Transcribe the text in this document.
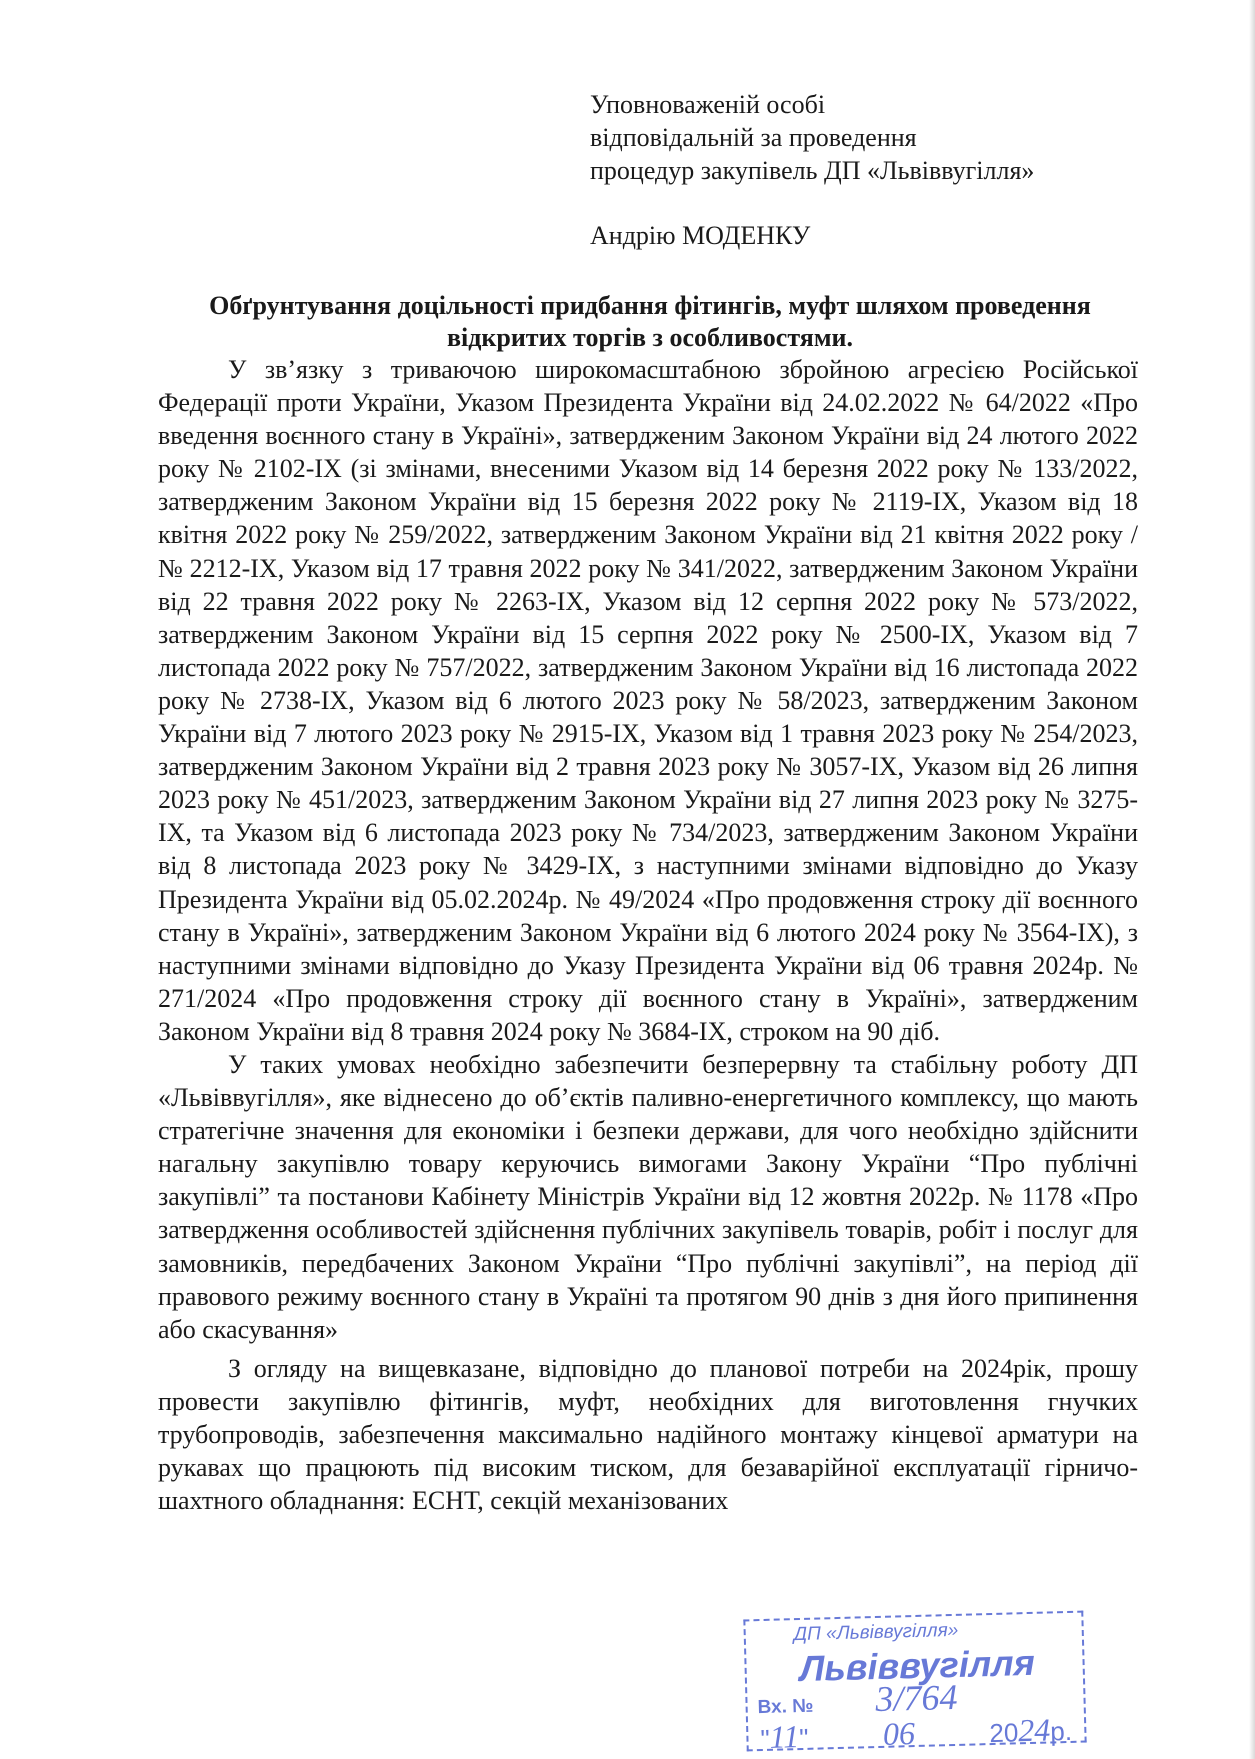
Уповноваженій особі
відповідальній за проведення
процедур закупівель ДП «Львіввугілля»
Андрію МОДЕНКУ
Обґрунтування доцільності придбання фітингів, муфт шляхом проведення відкритих торгів з особливостями.

У зв’язку з триваючою широкомасштабною збройною агресією Російської Федерації проти України, Указом Президента України від 24.02.2022 № 64/2022 «Про введення воєнного стану в Україні», затвердженим Законом України від 24 лютого 2022 року № 2102-IX (зі змінами, внесеними Указом від 14 березня 2022 року № 133/2022, затвердженим Законом України від 15 березня 2022 року № 2119-IX, Указом від 18 квітня 2022 року № 259/2022, затвердженим Законом України від 21 квітня 2022 року /№ 2212-IX, Указом від 17 травня 2022 року № 341/2022, затвердженим Законом України від 22 травня 2022 року № 2263-IX, Указом від 12 серпня 2022 року № 573/2022, затвердженим Законом України від 15 серпня 2022 року № 2500-IX, Указом від 7 листопада 2022 року № 757/2022, затвердженим Законом України від 16 листопада 2022 року № 2738-IX, Указом від 6 лютого 2023 року № 58/2023, затвердженим Законом України від 7 лютого 2023 року № 2915-IX, Указом від 1 травня 2023 року № 254/2023, затвердженим Законом України від 2 травня 2023 року № 3057-IX, Указом від 26 липня 2023 року № 451/2023, затвердженим Законом України від 27 липня 2023 року № 3275-IX, та Указом від 6 листопада 2023 року № 734/2023, затвердженим Законом України від 8 листопада 2023 року № 3429-IX, з наступними змінами відповідно до Указу Президента України від 05.02.2024р. № 49/2024 «Про продовження строку дії воєнного стану в Україні», затвердженим Законом України від 6 лютого 2024 року № 3564-IX), з наступними змінами відповідно до Указу Президента України від 06 травня 2024р. № 271/2024 «Про продовження строку дії воєнного стану в Україні», затвердженим Законом України від 8 травня 2024 року № 3684-IX, строком на 90 діб.

У таких умовах необхідно забезпечити безперервну та стабільну роботу ДП «Львіввугілля», яке віднесено до об’єктів паливно-енергетичного комплексу, що мають стратегічне значення для економіки і безпеки держави, для чого необхідно здійснити нагальну закупівлю товару керуючись вимогами Закону України “Про публічні закупівлі” та постанови Кабінету Міністрів України від 12 жовтня 2022р. № 1178 «Про затвердження особливостей здійснення публічних закупівель товарів, робіт і послуг для замовників, передбачених Законом України “Про публічні закупівлі”, на період дії правового режиму воєнного стану в Україні та протягом 90 днів з дня його припинення або скасування»

З огляду на вищевказане, відповідно до планової потреби на 2024рік, прошу провести закупівлю фітингів, муфт, необхідних для виготовлення гнучких трубопроводів, забезпечення максимально надійного монтажу кінцевої арматури на рукавах що працюють під високим тиском, для безаварійної експлуатації гірничо-шахтного обладнання: ЕСНТ, секцій механізованих

ДП «Львіввугілля»
Львіввугілля
Вх. № 3/764
"11"  06	2024р.
